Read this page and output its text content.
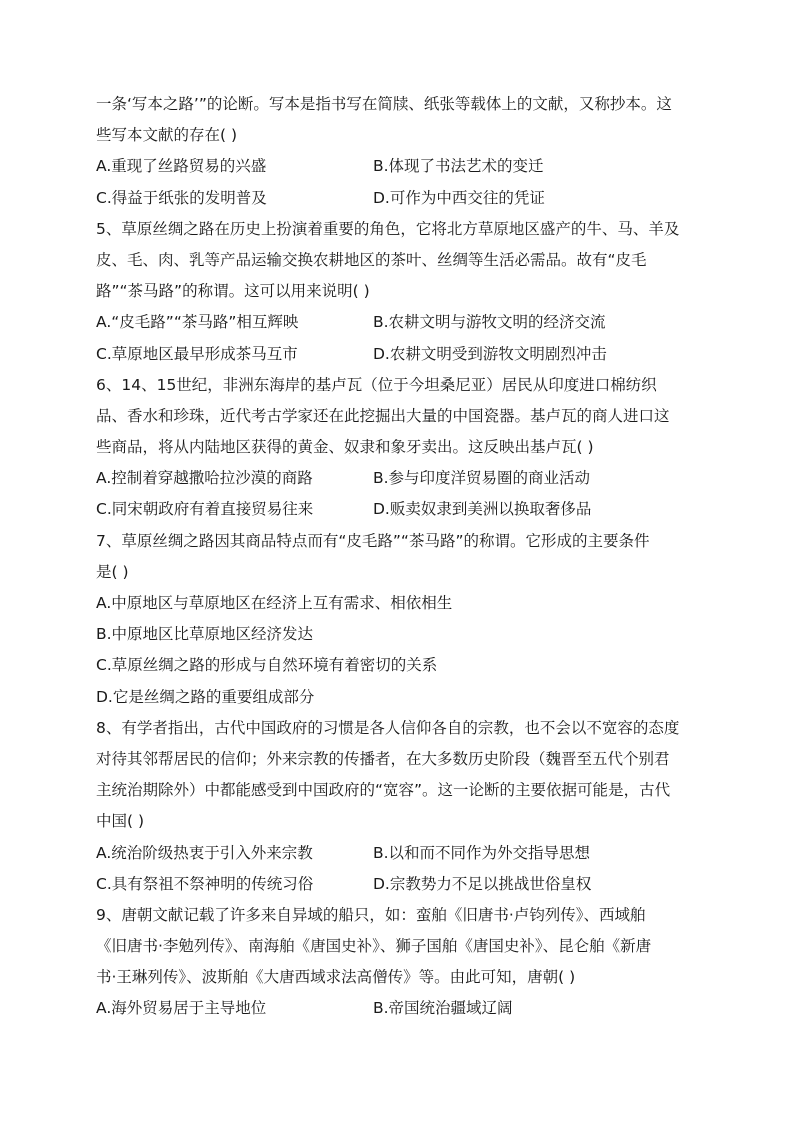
一条‘写本之路’”的论断。写本是指书写在简牍、纸张等载体上的文献，又称抄本。这
些写本文献的存在( )
A.重现了丝路贸易的兴盛	B.体现了书法艺术的变迁
C.得益于纸张的发明普及	D.可作为中西交往的凭证
5、草原丝绸之路在历史上扮演着重要的角色，它将北方草原地区盛产的牛、马、羊及
皮、毛、肉、乳等产品运输交换农耕地区的茶叶、丝绸等生活必需品。故有“皮毛
路”“茶马路”的称谓。这可以用来说明( )
A.“皮毛路”“茶马路”相互辉映	B.农耕文明与游牧文明的经济交流
C.草原地区最早形成茶马互市	D.农耕文明受到游牧文明剧烈冲击
6、14、15世纪，非洲东海岸的基卢瓦（位于今坦桑尼亚）居民从印度进口棉纺织
品、香水和珍珠，近代考古学家还在此挖掘出大量的中国瓷器。基卢瓦的商人进口这
些商品，将从内陆地区获得的黄金、奴隶和象牙卖出。这反映出基卢瓦( )
A.控制着穿越撒哈拉沙漠的商路	B.参与印度洋贸易圈的商业活动
C.同宋朝政府有着直接贸易往来	D.贩卖奴隶到美洲以换取奢侈品
7、草原丝绸之路因其商品特点而有“皮毛路”“茶马路”的称谓。它形成的主要条件
是( )
A.中原地区与草原地区在经济上互有需求、相依相生
B.中原地区比草原地区经济发达
C.草原丝绸之路的形成与自然环境有着密切的关系
D.它是丝绸之路的重要组成部分
8、有学者指出，古代中国政府的习惯是各人信仰各自的宗教，也不会以不宽容的态度
对待其邻帮居民的信仰；外来宗教的传播者，在大多数历史阶段（魏晋至五代个别君
主统治期除外）中都能感受到中国政府的“宽容”。这一论断的主要依据可能是，古代
中国( )
A.统治阶级热衷于引入外来宗教	B.以和而不同作为外交指导思想
C.具有祭祖不祭神明的传统习俗	D.宗教势力不足以挑战世俗皇权
9、唐朝文献记载了许多来自异域的船只，如：蛮舶《旧唐书·卢钧列传》、西域舶
《旧唐书·李勉列传》、南海舶《唐国史补》、狮子国舶《唐国史补》、昆仑舶《新唐
书·王琳列传》、波斯舶《大唐西域求法高僧传》等。由此可知，唐朝( )
A.海外贸易居于主导地位	B.帝国统治疆域辽阔
